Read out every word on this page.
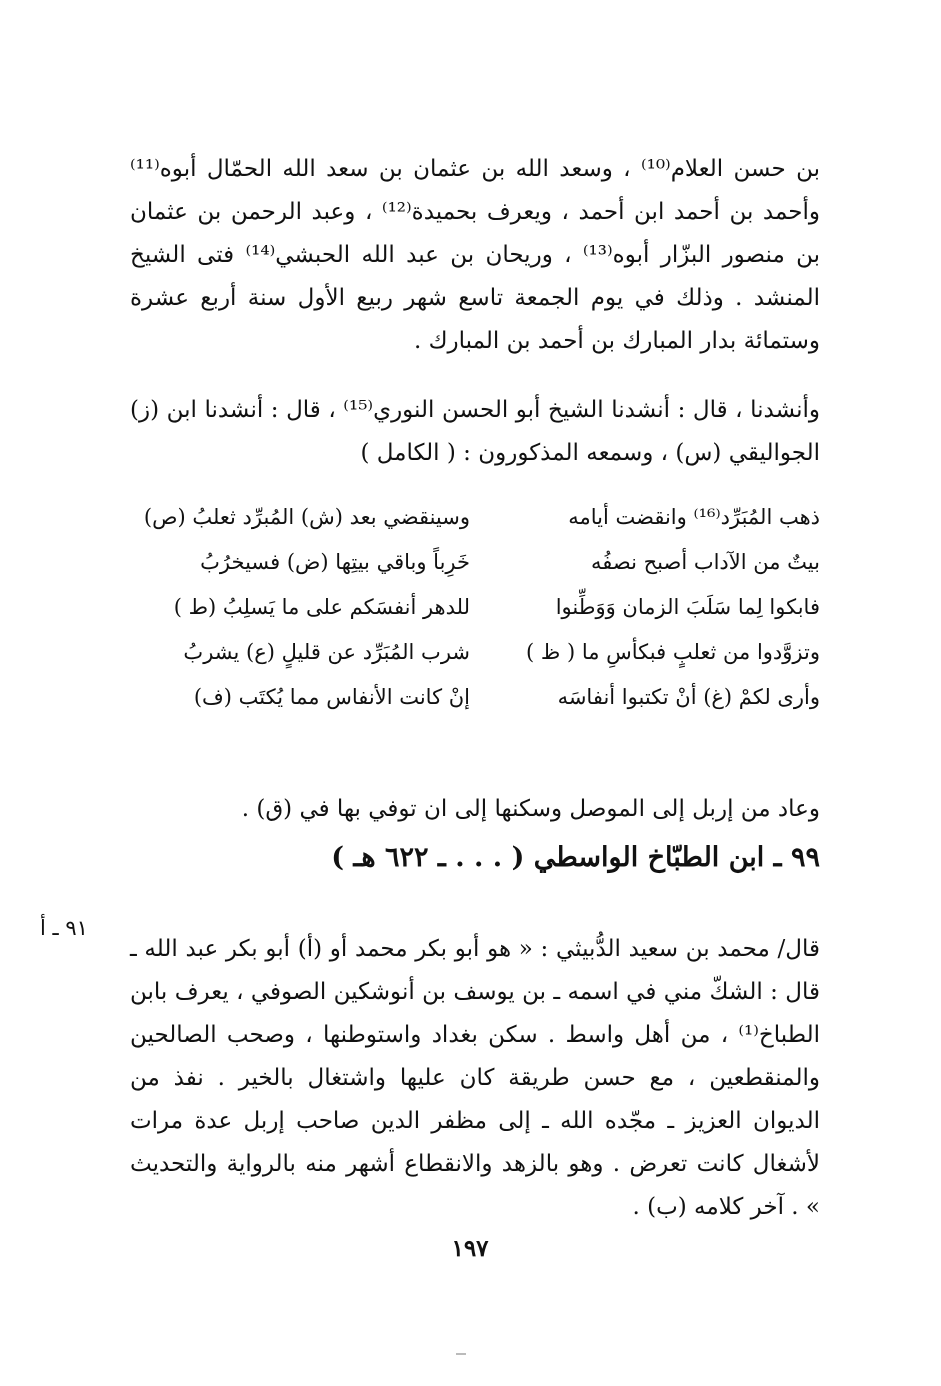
بن حسن العلام⁽¹⁰⁾ ، وسعد الله بن عثمان بن سعد الله الحمّال أبوه⁽¹¹⁾ وأحمد بن أحمد ابن أحمد ، ويعرف بحميدة⁽¹²⁾ ، وعبد الرحمن بن عثمان بن منصور البزّار أبوه⁽¹³⁾ ، وريحان بن عبد الله الحبشي⁽¹⁴⁾ فتى الشيخ المنشد . وذلك في يوم الجمعة تاسع شهر ربيع الأول سنة أربع عشرة وستمائة بدار المبارك بن أحمد بن المبارك .

وأنشدنا ، قال : أنشدنا الشيخ أبو الحسن النوري⁽¹⁵⁾ ، قال : أنشدنا ابن (ز) الجواليقي (س) ، وسمعه المذكورون : ( الكامل )

ذهب المُبَرِّد⁽¹⁶⁾ وانقضت أيامه
وسينقضي بعد (ش) المُبرِّد ثعلبُ (ص)
بيتٌ من الآداب أصبح نصفُه
خَرِباً وباقي بيتِها (ض) فسيخرُبُ
فابكوا لِما سَلَبَ الزمان وَوَطِّنوا
للدهر أنفسَكم على ما يَسلِبُ (ط )
وتزوَّدوا من ثعلبٍ فبكأسِ ما ( ظ )
شرب المُبَرِّد عن قليلٍ (ع) يشربُ
وأرى لكمْ (غ) أنْ تكتبوا أنفاسَه
إنْ كانت الأنفاس مما يُكتَب (ف)

وعاد من إربل إلى الموصل وسكنها إلى ان توفي بها في (ق) .

٩٩ ـ ابن الطبّاخ الواسطي ( . . . ـ ٦٢٢ هـ )
٩١ ـ أ

قال/ محمد بن سعيد الدُّبيثي : « هو أبو بكر محمد أو (أ) أبو بكر عبد الله ـ قال : الشكّ مني في اسمه ـ بن يوسف بن أنوشكين الصوفي ، يعرف بابن الطباخ⁽¹⁾ ، من أهل واسط . سكن بغداد واستوطنها ، وصحب الصالحين والمنقطعين ، مع حسن طريقة كان عليها واشتغال بالخير . نفذ من الديوان العزيز ـ مجّده الله ـ إلى مظفر الدين صاحب إربل عدة مرات لأشغال كانت تعرض . وهو بالزهد والانقطاع أشهر منه بالرواية والتحديث » . آخر كلامه (ب) .

١٩٧
